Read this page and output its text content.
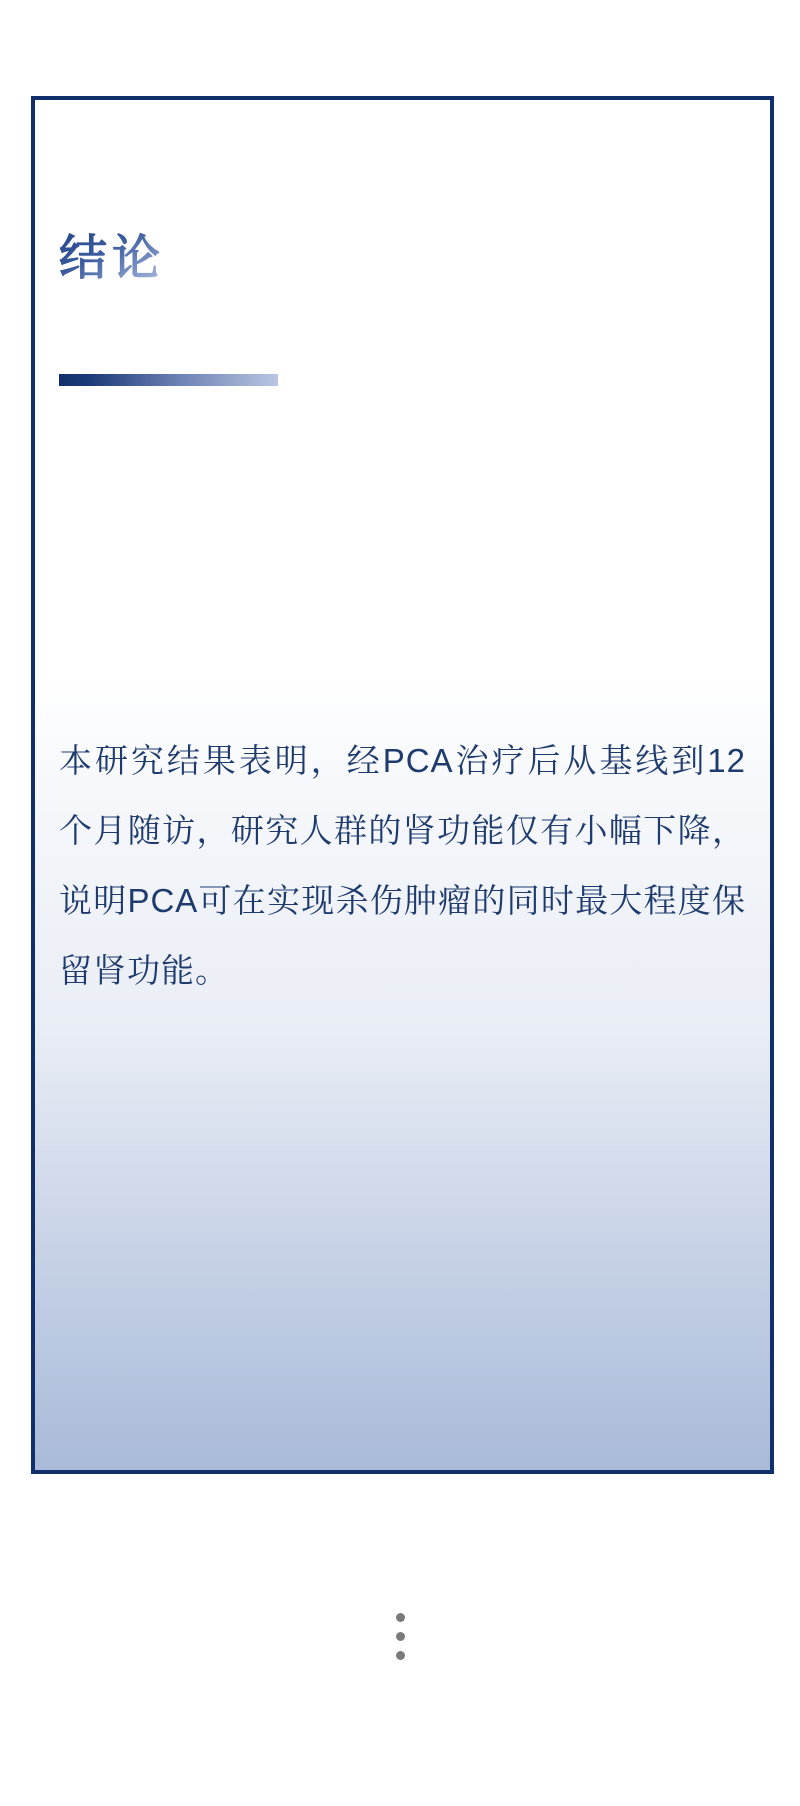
结论

本研究结果表明，经PCA治疗后从基线到12个月随访，研究人群的肾功能仅有小幅下降，说明PCA可在实现杀伤肿瘤的同时最大程度保留肾功能。
